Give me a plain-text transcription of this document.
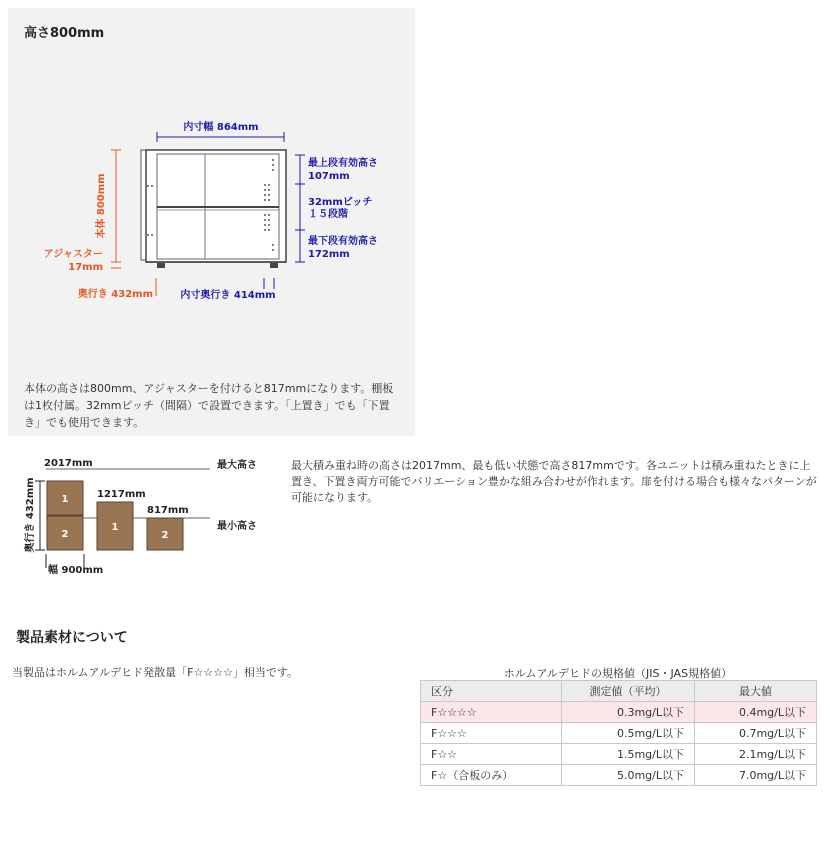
高さ800mm
内寸幅 864mm
本体 800mm
アジャスター
17mm
奥行き 432mm	内寸奥行き 414mm
最上段有効高さ
107mm
32mmピッチ
１５段階
最下段有効高さ
172mm
本体の高さは800mm、アジャスターを付けると817mmになります。棚板は1枚付属。32mmピッチ（間隔）で設置できます。「上置き」でも「下置き」でも使用できます。
2017mm
1217mm
817mm
最大高さ
最小高さ
幅 900mm
奥行き 432mm	1
2
1
2
最大積み重ね時の高さは2017mm、最も低い状態で高さ817mmです。各ユニットは積み重ねたときに上置き、下置き両方可能でバリエーション豊かな組み合わせが作れます。扉を付ける場合も様々なパターンが可能になります。
製品素材について
当製品はホルムアルデヒド発散量「F☆☆☆☆」相当です。	ホルムアルデヒドの規格値（JIS・JAS規格値）
区分	測定値（平均）	最大値
F☆☆☆☆	0.3mg/L以下	0.4mg/L以下
F☆☆☆	0.5mg/L以下	0.7mg/L以下
F☆☆	1.5mg/L以下	2.1mg/L以下
F☆（合板のみ）	5.0mg/L以下	7.0mg/L以下
